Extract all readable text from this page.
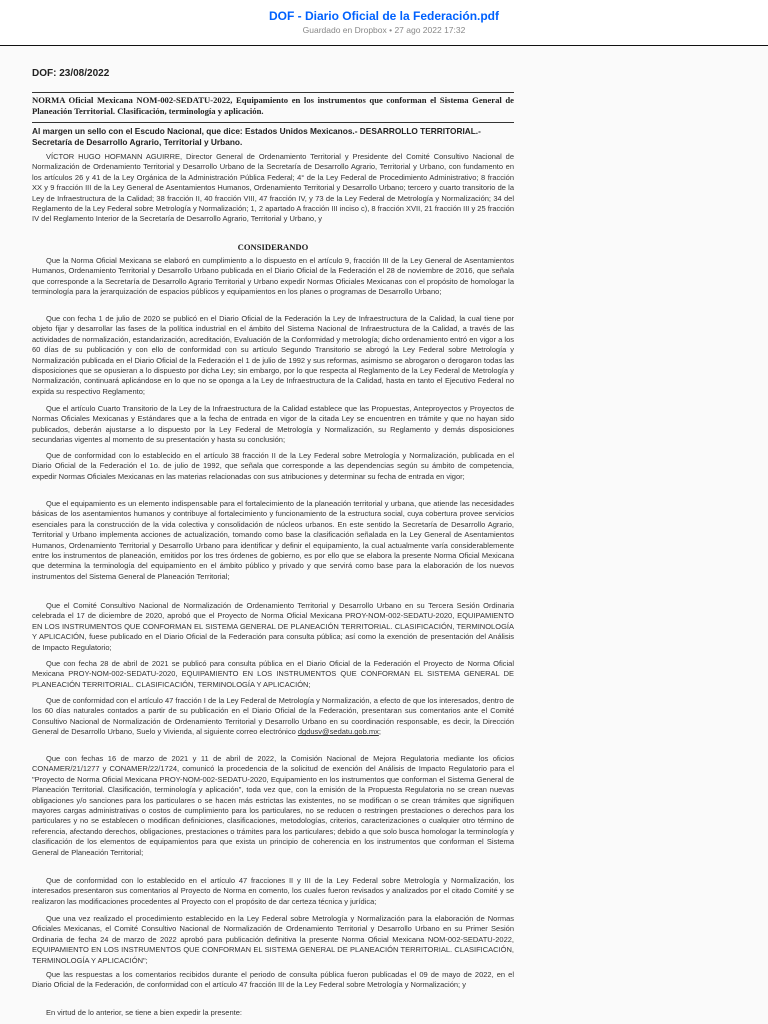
DOF - Diario Oficial de la Federación.pdf
Guardado en Dropbox • 27 ago 2022 17:32
DOF: 23/08/2022
NORMA Oficial Mexicana NOM-002-SEDATU-2022, Equipamiento en los instrumentos que conforman el Sistema General de Planeación Territorial. Clasificación, terminología y aplicación.
Al margen un sello con el Escudo Nacional, que dice: Estados Unidos Mexicanos.- DESARROLLO TERRITORIAL.- Secretaría de Desarrollo Agrario, Territorial y Urbano.
VÍCTOR HUGO HOFMANN AGUIRRE, Director General de Ordenamiento Territorial y Presidente del Comité Consultivo Nacional de Normalización de Ordenamiento Territorial y Desarrollo Urbano de la Secretaría de Desarrollo Agrario, Territorial y Urbano, con fundamento en los artículos 26 y 41 de la Ley Orgánica de la Administración Pública Federal; 4° de la Ley Federal de Procedimiento Administrativo; 8 fracción XX y 9 fracción III de la Ley General de Asentamientos Humanos, Ordenamiento Territorial y Desarrollo Urbano; tercero y cuarto transitorio de la Ley de Infraestructura de la Calidad; 38 fracción II, 40 fracción VIII, 47 fracción IV, y 73 de la Ley Federal de Metrología y Normalización; 34 del Reglamento de la Ley Federal sobre Metrología y Normalización; 1, 2 apartado A fracción III inciso c), 8 fracción XVII, 21 fracción III y 25 fracción IV del Reglamento Interior de la Secretaría de Desarrollo Agrario, Territorial y Urbano, y
CONSIDERANDO
Que la Norma Oficial Mexicana se elaboró en cumplimiento a lo dispuesto en el artículo 9, fracción III de la Ley General de Asentamientos Humanos, Ordenamiento Territorial y Desarrollo Urbano publicada en el Diario Oficial de la Federación el 28 de noviembre de 2016, que señala que corresponde a la Secretaría de Desarrollo Agrario Territorial y Urbano expedir Normas Oficiales Mexicanas con el propósito de homologar la terminología para la jerarquización de espacios públicos y equipamientos en los planes o programas de Desarrollo Urbano;
Que con fecha 1 de julio de 2020 se publicó en el Diario Oficial de la Federación la Ley de Infraestructura de la Calidad, la cual tiene por objeto fijar y desarrollar las fases de la política industrial en el ámbito del Sistema Nacional de Infraestructura de la Calidad, a través de las actividades de normalización, estandarización, acreditación, Evaluación de la Conformidad y metrología; dicho ordenamiento entró en vigor a los 60 días de su publicación y con ello de conformidad con su artículo Segundo Transitorio se abrogó la Ley Federal sobre Metrología y Normalización publicada en el Diario Oficial de la Federación el 1 de julio de 1992 y sus reformas, asimismo se abrogaron o derogaron todas las disposiciones que se opusieran a lo dispuesto por dicha Ley; sin embargo, por lo que respecta al Reglamento de la Ley Federal de Metrología y Normalización, continuará aplicándose en lo que no se oponga a la Ley de Infraestructura de la Calidad, hasta en tanto el Ejecutivo Federal no expida su respectivo Reglamento;
Que el artículo Cuarto Transitorio de la Ley de la Infraestructura de la Calidad establece que las Propuestas, Anteproyectos y Proyectos de Normas Oficiales Mexicanas y Estándares que a la fecha de entrada en vigor de la citada Ley se encuentren en trámite y que no hayan sido publicados, deberán ajustarse a lo dispuesto por la Ley Federal de Metrología y Normalización, su Reglamento y demás disposiciones secundarias vigentes al momento de su presentación y hasta su conclusión;
Que de conformidad con lo establecido en el artículo 38 fracción II de la Ley Federal sobre Metrología y Normalización, publicada en el Diario Oficial de la Federación el 1o. de julio de 1992, que señala que corresponde a las dependencias según su ámbito de competencia, expedir Normas Oficiales Mexicanas en las materias relacionadas con sus atribuciones y determinar su fecha de entrada en vigor;
Que el equipamiento es un elemento indispensable para el fortalecimiento de la planeación territorial y urbana, que atiende las necesidades básicas de los asentamientos humanos y contribuye al fortalecimiento y funcionamiento de la estructura social, cuya cobertura provee servicios esenciales para la construcción de la vida colectiva y consolidación de núcleos urbanos. En este sentido la Secretaría de Desarrollo Agrario, Territorial y Urbano implementa acciones de actualización, tomando como base la clasificación señalada en la Ley General de Asentamientos Humanos, Ordenamiento Territorial y Desarrollo Urbano para identificar y definir el equipamiento, la cual actualmente varía considerablemente entre los instrumentos de planeación, emitidos por los tres órdenes de gobierno, es por ello que se elabora la presente Norma Oficial Mexicana que determina la terminología del equipamiento en el ámbito público y privado y que servirá como base para la elaboración de los nuevos instrumentos del Sistema General de Planeación Territorial;
Que el Comité Consultivo Nacional de Normalización de Ordenamiento Territorial y Desarrollo Urbano en su Tercera Sesión Ordinaria celebrada el 17 de diciembre de 2020, aprobó que el Proyecto de Norma Oficial Mexicana PROY-NOM-002-SEDATU-2020, EQUIPAMIENTO EN LOS INSTRUMENTOS QUE CONFORMAN EL SISTEMA GENERAL DE PLANEACIÓN TERRITORIAL. CLASIFICACIÓN, TERMINOLOGÍA Y APLICACIÓN, fuese publicado en el Diario Oficial de la Federación para consulta pública; así como la exención de presentación del Análisis de Impacto Regulatorio;
Que con fecha 28 de abril de 2021 se publicó para consulta pública en el Diario Oficial de la Federación el Proyecto de Norma Oficial Mexicana PROY-NOM-002-SEDATU-2020, EQUIPAMIENTO EN LOS INSTRUMENTOS QUE CONFORMAN EL SISTEMA GENERAL DE PLANEACIÓN TERRITORIAL. CLASIFICACIÓN, TERMINOLOGÍA Y APLICACIÓN;
Que de conformidad con el artículo 47 fracción I de la Ley Federal de Metrología y Normalización, a efecto de que los interesados, dentro de los 60 días naturales contados a partir de su publicación en el Diario Oficial de la Federación, presentaran sus comentarios ante el Comité Consultivo Nacional de Normalización de Ordenamiento Territorial y Desarrollo Urbano en su coordinación responsable, es decir, la Dirección General de Desarrollo Urbano, Suelo y Vivienda, al siguiente correo electrónico dgdusv@sedatu.gob.mx;
Que con fechas 16 de marzo de 2021 y 11 de abril de 2022, la Comisión Nacional de Mejora Regulatoria mediante los oficios CONAMER/21/1277 y CONAMER/22/1724, comunicó la procedencia de la solicitud de exención del Análisis de Impacto Regulatorio para el "Proyecto de Norma Oficial Mexicana PROY-NOM-002-SEDATU-2020, Equipamiento en los instrumentos que conforman el Sistema General de Planeación Territorial. Clasificación, terminología y aplicación", toda vez que, con la emisión de la Propuesta Regulatoria no se crean nuevas obligaciones y/o sanciones para los particulares o se hacen más estrictas las existentes, no se modifican o se crean trámites que signifiquen mayores cargas administrativas o costos de cumplimiento para los particulares, no se reducen o restringen prestaciones o derechos para los particulares y no se establecen o modifican definiciones, clasificaciones, metodologías, criterios, caracterizaciones o cualquier otro término de referencia, afectando derechos, obligaciones, prestaciones o trámites para los particulares; debido a que solo busca homologar la terminología y clasificación de los elementos de equipamientos para que exista un principio de coherencia en los instrumentos que conforman el Sistema General de Planeación Territorial;
Que de conformidad con lo establecido en el artículo 47 fracciones II y III de la Ley Federal sobre Metrología y Normalización, los interesados presentaron sus comentarios al Proyecto de Norma en comento, los cuales fueron revisados y analizados por el citado Comité y se realizaron las modificaciones procedentes al Proyecto con el propósito de dar certeza técnica y jurídica;
Que una vez realizado el procedimiento establecido en la Ley Federal sobre Metrología y Normalización para la elaboración de Normas Oficiales Mexicanas, el Comité Consultivo Nacional de Normalización de Ordenamiento Territorial y Desarrollo Urbano en su Primer Sesión Ordinaria de fecha 24 de marzo de 2022 aprobó para publicación definitiva la presente Norma Oficial Mexicana NOM-002-SEDATU-2022, EQUIPAMIENTO EN LOS INSTRUMENTOS QUE CONFORMAN EL SISTEMA GENERAL DE PLANEACIÓN TERRITORIAL. CLASIFICACIÓN, TERMINOLOGÍA Y APLICACIÓN";
Que las respuestas a los comentarios recibidos durante el periodo de consulta pública fueron publicadas el 09 de mayo de 2022, en el Diario Oficial de la Federación, de conformidad con el artículo 47 fracción III de la Ley Federal sobre Metrología y Normalización; y
En virtud de lo anterior, se tiene a bien expedir la presente:
